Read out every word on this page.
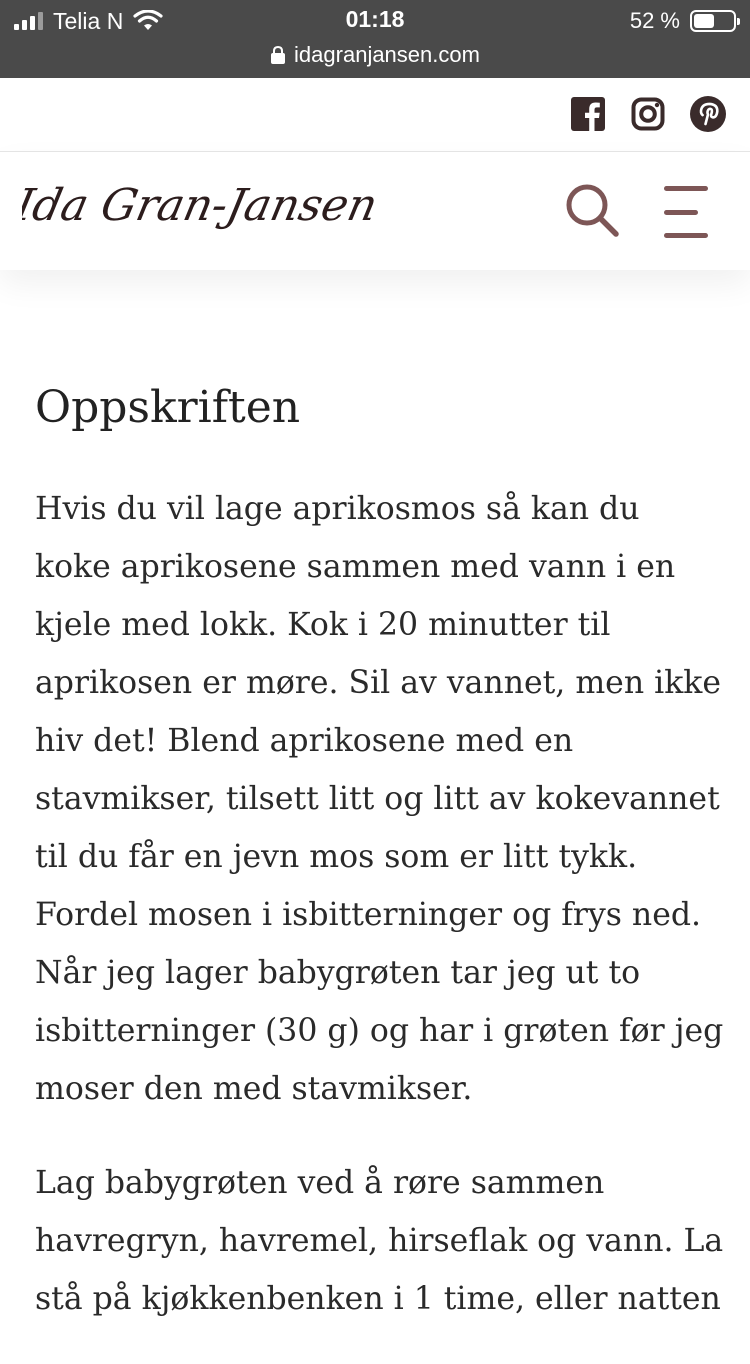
Telia N	01:18	52 %
idagranjansen.com
Ida Gran-Jansen
Oppskriften

Hvis du vil lage aprikosmos så kan du koke aprikosene sammen med vann i en kjele med lokk. Kok i 20 minutter til aprikosen er møre. Sil av vannet, men ikke hiv det! Blend aprikosene med en stavmikser, tilsett litt og litt av kokevannet til du får en jevn mos som er litt tykk. Fordel mosen i isbitterninger og frys ned. Når jeg lager babygrøten tar jeg ut to isbitterninger (30 g) og har i grøten før jeg moser den med stavmikser.

Lag babygrøten ved å røre sammen havregryn, havremel, hirseflak og vann. La stå på kjøkkenbenken i 1 time, eller natten
